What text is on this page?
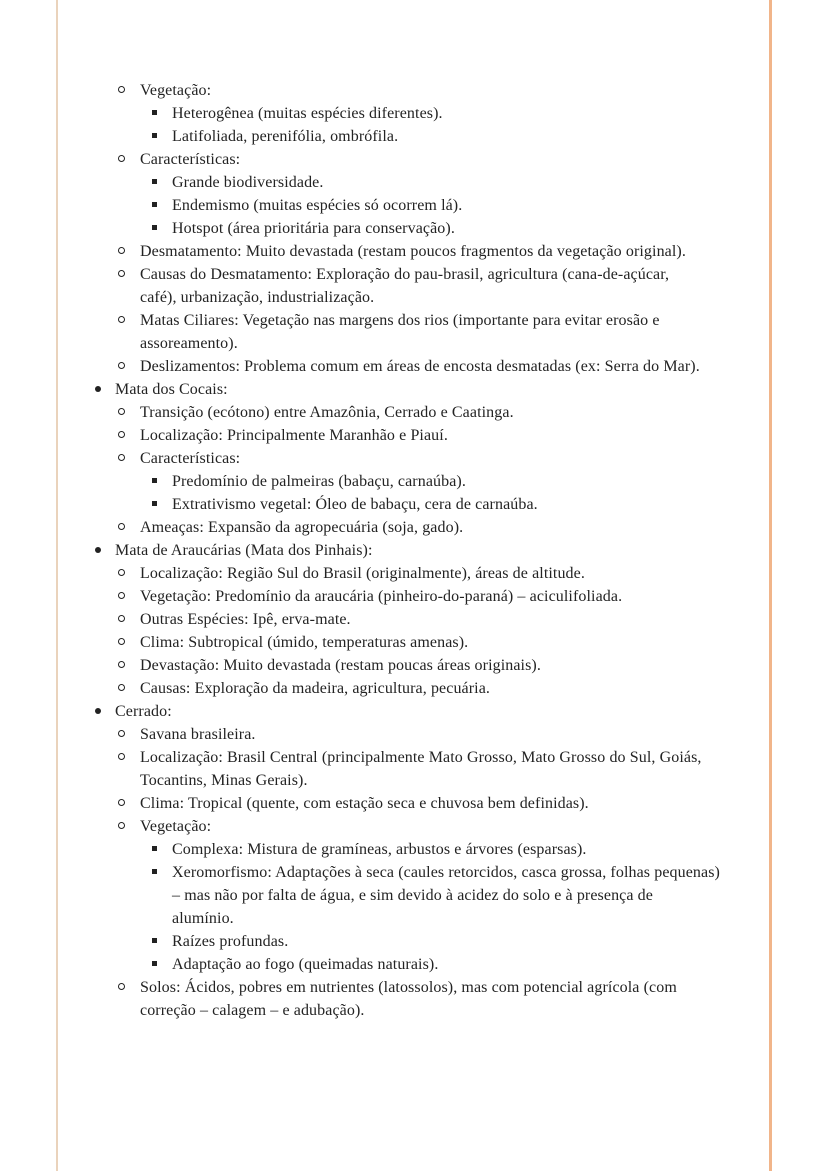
Vegetação:
Heterogênea (muitas espécies diferentes).
Latifoliada, perenifólia, ombrófila.
Características:
Grande biodiversidade.
Endemismo (muitas espécies só ocorrem lá).
Hotspot (área prioritária para conservação).
Desmatamento: Muito devastada (restam poucos fragmentos da vegetação original).
Causas do Desmatamento: Exploração do pau-brasil, agricultura (cana-de-açúcar,
café), urbanização, industrialização.
Matas Ciliares: Vegetação nas margens dos rios (importante para evitar erosão e
assoreamento).
Deslizamentos: Problema comum em áreas de encosta desmatadas (ex: Serra do Mar).
Mata dos Cocais:
Transição (ecótono) entre Amazônia, Cerrado e Caatinga.
Localização: Principalmente Maranhão e Piauí.
Características:
Predomínio de palmeiras (babaçu, carnaúba).
Extrativismo vegetal: Óleo de babaçu, cera de carnaúba.
Ameaças: Expansão da agropecuária (soja, gado).
Mata de Araucárias (Mata dos Pinhais):
Localização: Região Sul do Brasil (originalmente), áreas de altitude.
Vegetação: Predomínio da araucária (pinheiro-do-paraná) – aciculifoliada.
Outras Espécies: Ipê, erva-mate.
Clima: Subtropical (úmido, temperaturas amenas).
Devastação: Muito devastada (restam poucas áreas originais).
Causas: Exploração da madeira, agricultura, pecuária.
Cerrado:
Savana brasileira.
Localização: Brasil Central (principalmente Mato Grosso, Mato Grosso do Sul, Goiás,
Tocantins, Minas Gerais).
Clima: Tropical (quente, com estação seca e chuvosa bem definidas).
Vegetação:
Complexa: Mistura de gramíneas, arbustos e árvores (esparsas).
Xeromorfismo: Adaptações à seca (caules retorcidos, casca grossa, folhas pequenas)
– mas não por falta de água, e sim devido à acidez do solo e à presença de
alumínio.
Raízes profundas.
Adaptação ao fogo (queimadas naturais).
Solos: Ácidos, pobres em nutrientes (latossolos), mas com potencial agrícola (com
correção – calagem – e adubação).
